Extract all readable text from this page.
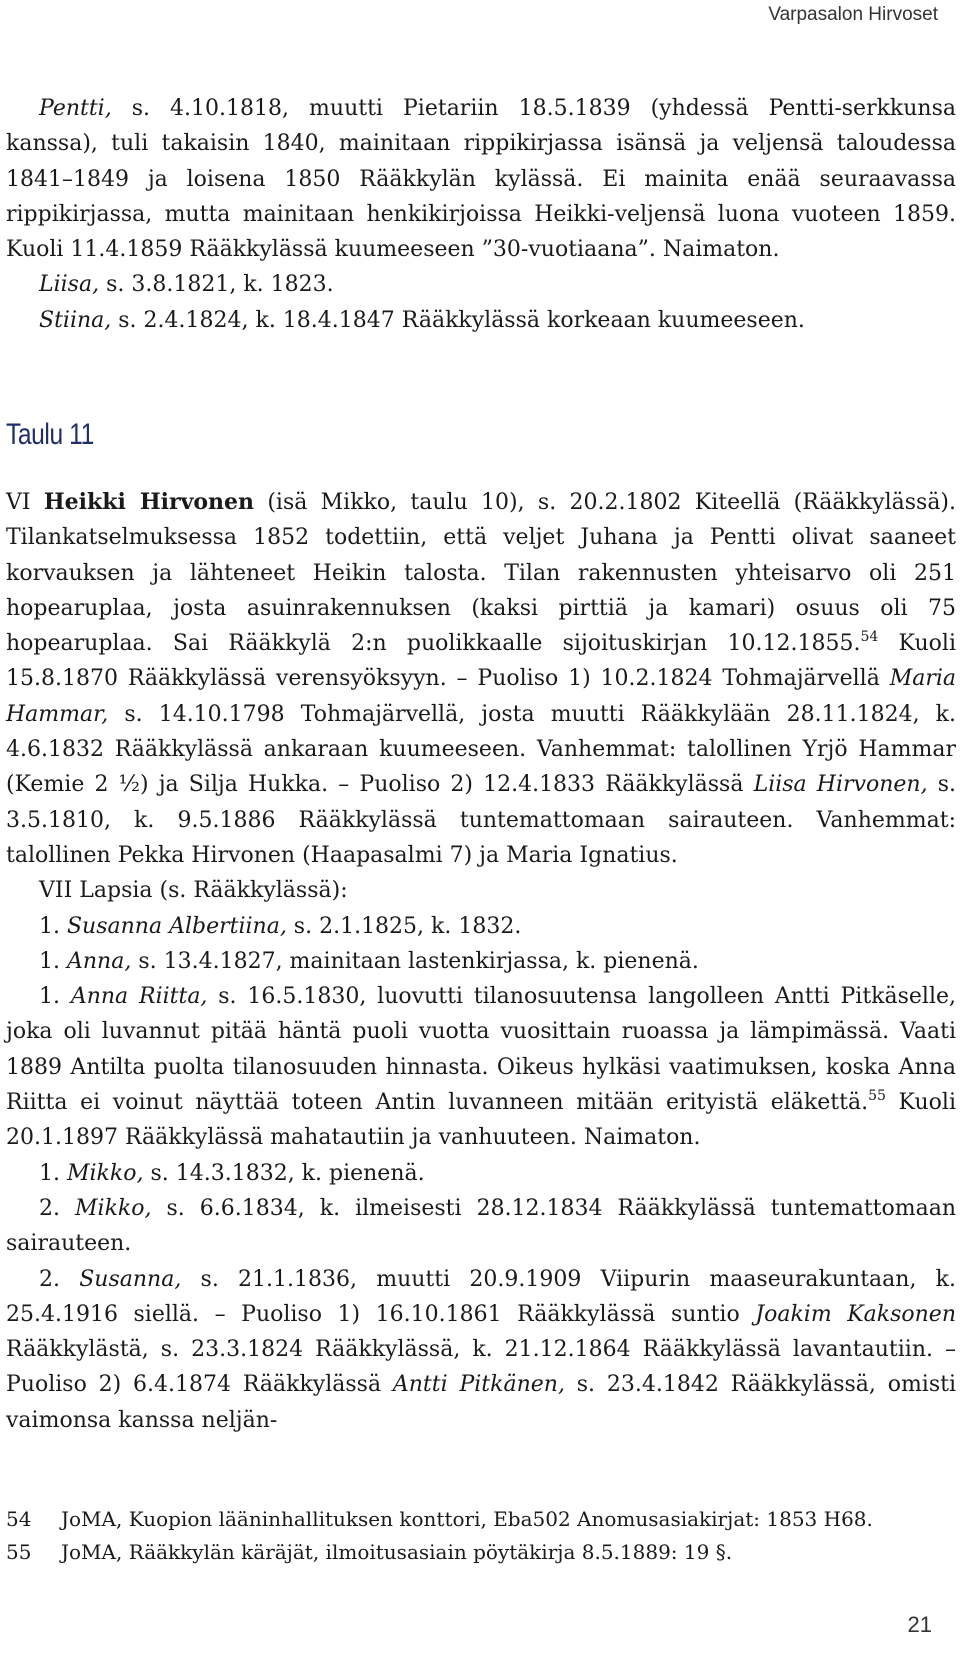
Varpasalon Hirvoset

Pentti, s. 4.10.1818, muutti Pietariin 18.5.1839 (yhdessä Pentti-serkkunsa kanssa), tuli takaisin 1840, mainitaan rippikirjassa isänsä ja veljensä taloudessa 1841–1849 ja loisena 1850 Rääkkylän kylässä. Ei mainita enää seuraavassa rippikirjassa, mutta mainitaan henkikirjoissa Heikki-veljensä luona vuoteen 1859. Kuoli 11.4.1859 Rääkkylässä kuumeeseen ”30-vuotiaana”. Naimaton.

Liisa, s. 3.8.1821, k. 1823.

Stiina, s. 2.4.1824, k. 18.4.1847 Rääkkylässä korkeaan kuumeeseen.

Taulu 11

VI Heikki Hirvonen (isä Mikko, taulu 10), s. 20.2.1802 Kiteellä (Rääkkylässä). Tilankatselmuksessa 1852 todettiin, että veljet Juhana ja Pentti olivat saaneet korvauksen ja lähteneet Heikin talosta. Tilan rakennusten yhteisarvo oli 251 hopearuplaa, josta asuinrakennuksen (kaksi pirttiä ja kamari) osuus oli 75 hopearuplaa. Sai Rääkkylä 2:n puolikkaalle sijoituskirjan 10.12.1855.54 Kuoli 15.8.1870 Rääkkylässä verensyöksyyn. – Puoliso 1) 10.2.1824 Tohmajärvellä Maria Hammar, s. 14.10.1798 Tohmajärvellä, josta muutti Rääkkylään 28.11.1824, k. 4.6.1832 Rääkkylässä ankaraan kuumeeseen. Vanhemmat: talollinen Yrjö Hammar (Kemie 2 ½) ja Silja Hukka. – Puoliso 2) 12.4.1833 Rääkkylässä Liisa Hirvonen, s. 3.5.1810, k. 9.5.1886 Rääkkylässä tuntemattomaan sairauteen. Vanhemmat: talollinen Pekka Hirvonen (Haapasalmi 7) ja Maria Ignatius.

VII Lapsia (s. Rääkkylässä):

1. Susanna Albertiina, s. 2.1.1825, k. 1832.

1. Anna, s. 13.4.1827, mainitaan lastenkirjassa, k. pienenä.

1. Anna Riitta, s. 16.5.1830, luovutti tilanosuutensa langolleen Antti Pitkäselle, joka oli luvannut pitää häntä puoli vuotta vuosittain ruoassa ja lämpimässä. Vaati 1889 Antilta puolta tilanosuuden hinnasta. Oikeus hylkäsi vaatimuksen, koska Anna Riitta ei voinut näyttää toteen Antin luvanneen mitään erityistä eläkettä.$^{55}$ Kuoli 20.1.1897 Rääkkylässä mahatautiin ja vanhuuteen. Naimaton.

1. Mikko, s. 14.3.1832, k. pienenä.

2. Mikko, s. 6.6.1834, k. ilmeisesti 28.12.1834 Rääkkylässä tuntemattomaan sairauteen.

2. Susanna, s. 21.1.1836, muutti 20.9.1909 Viipurin maaseurakuntaan, k. 25.4.1916 siellä. – Puoliso 1) 16.10.1861 Rääkkylässä suntio Joakim Kaksonen Rääkkylästä, s. 23.3.1824 Rääkkylässä, k. 21.12.1864 Rääkkylässä lavantautiin. – Puoliso 2) 6.4.1874 Rääkkylässä Antti Pitkänen, s. 23.4.1842 Rääkkylässä, omisti vaimonsa kanssa neljän-

54	JoMA, Kuopion lääninhallituksen konttori, Eba502 Anomusasiakirjat: 1853 H68.
55	JoMA, Rääkkylän käräjät, ilmoitusasiain pöytäkirja 8.5.1889: 19 §.
21
